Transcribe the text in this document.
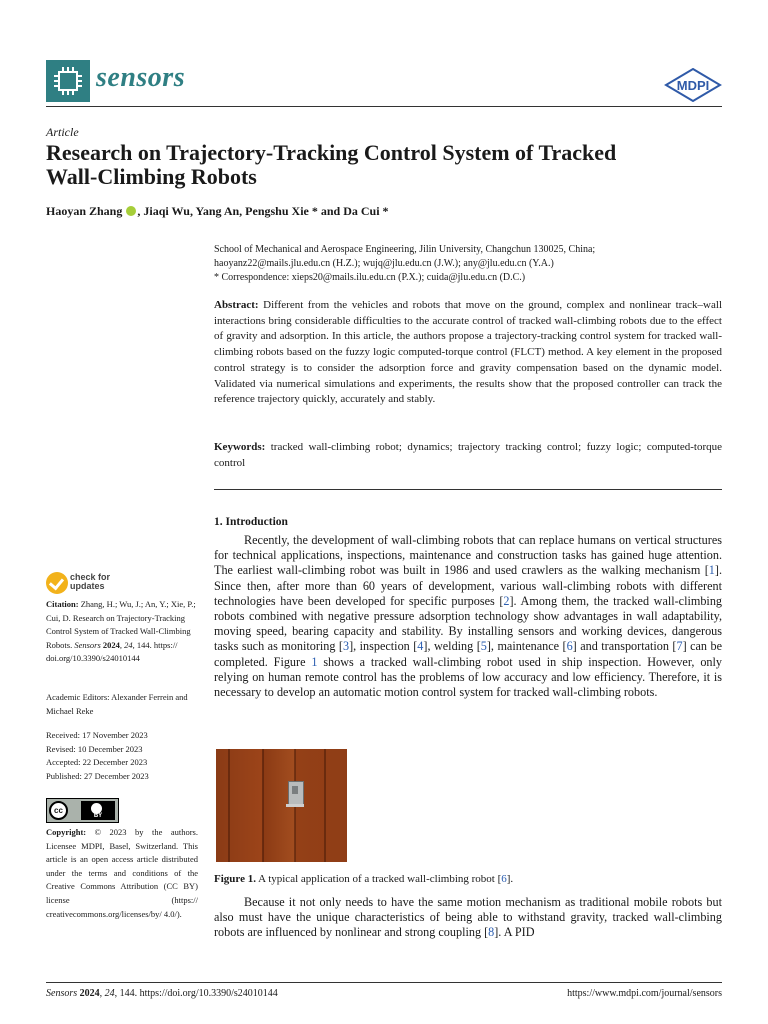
sensors	MDPI
Article
Research on Trajectory-Tracking Control System of Tracked
Wall-Climbing Robots
Haoyan Zhang , Jiaqi Wu, Yang An, Pengshu Xie * and Da Cui *
School of Mechanical and Aerospace Engineering, Jilin University, Changchun 130025, China;
haoyanz22@mails.jlu.edu.cn (H.Z.); wujq@jlu.edu.cn (J.W.); any@jlu.edu.cn (Y.A.)
* Correspondence: xieps20@mails.ilu.edu.cn (P.X.); cuida@jlu.edu.cn (D.C.)
Abstract: Different from the vehicles and robots that move on the ground, complex and nonlinear track–wall interactions bring considerable difficulties to the accurate control of tracked wall-climbing robots due to the effect of gravity and adsorption. In this article, the authors propose a trajectory-tracking control system for tracked wall-climbing robots based on the fuzzy logic computed-torque control (FLCT) method. A key element in the proposed control strategy is to consider the adsorption force and gravity compensation based on the dynamic model. Validated via numerical simulations and experiments, the results show that the proposed controller can track the reference trajectory quickly, accurately and stably.
Keywords: tracked wall-climbing robot; dynamics; trajectory tracking control; fuzzy logic; computed-torque control
1. Introduction
Recently, the development of wall-climbing robots that can replace humans on vertical structures for technical applications, inspections, maintenance and construction tasks has gained huge attention. The earliest wall-climbing robot was built in 1986 and used crawlers as the walking mechanism [1]. Since then, after more than 60 years of development, various wall-climbing robots with different technologies have been developed for specific purposes [2]. Among them, the tracked wall-climbing robots combined with negative pressure adsorption technology show advantages in wall adaptability, moving speed, bearing capacity and stability. By installing sensors and working devices, dangerous tasks such as monitoring [3], inspection [4], welding [5], maintenance [6] and transportation [7] can be completed. Figure 1 shows a tracked wall-climbing robot used in ship inspection. However, only relying on human remote control has the problems of low accuracy and low efficiency. Therefore, it is necessary to develop an automatic motion control system for tracked wall-climbing robots.
Figure 1. A typical application of a tracked wall-climbing robot [6].
Because it not only needs to have the same motion mechanism as traditional mobile robots but also must have the unique characteristics of being able to withstand gravity, tracked wall-climbing robots are influenced by nonlinear and strong coupling [8]. A PID
check for
updates
Citation: Zhang, H.; Wu, J.; An, Y.; Xie, P.; Cui, D. Research on Trajectory-Tracking Control System of Tracked Wall-Climbing Robots. Sensors 2024, 24, 144. https:// doi.org/10.3390/s24010144
Academic Editors: Alexander Ferrein and Michael Reke
Received: 17 November 2023
Revised: 10 December 2023
Accepted: 22 December 2023
Published: 27 December 2023
cc
BY
Copyright: © 2023 by the authors. Licensee MDPI, Basel, Switzerland. This article is an open access article distributed under the terms and conditions of the Creative Commons Attribution (CC BY) license (https:// creativecommons.org/licenses/by/ 4.0/).
Sensors 2024, 24, 144. https://doi.org/10.3390/s24010144	https://www.mdpi.com/journal/sensors
